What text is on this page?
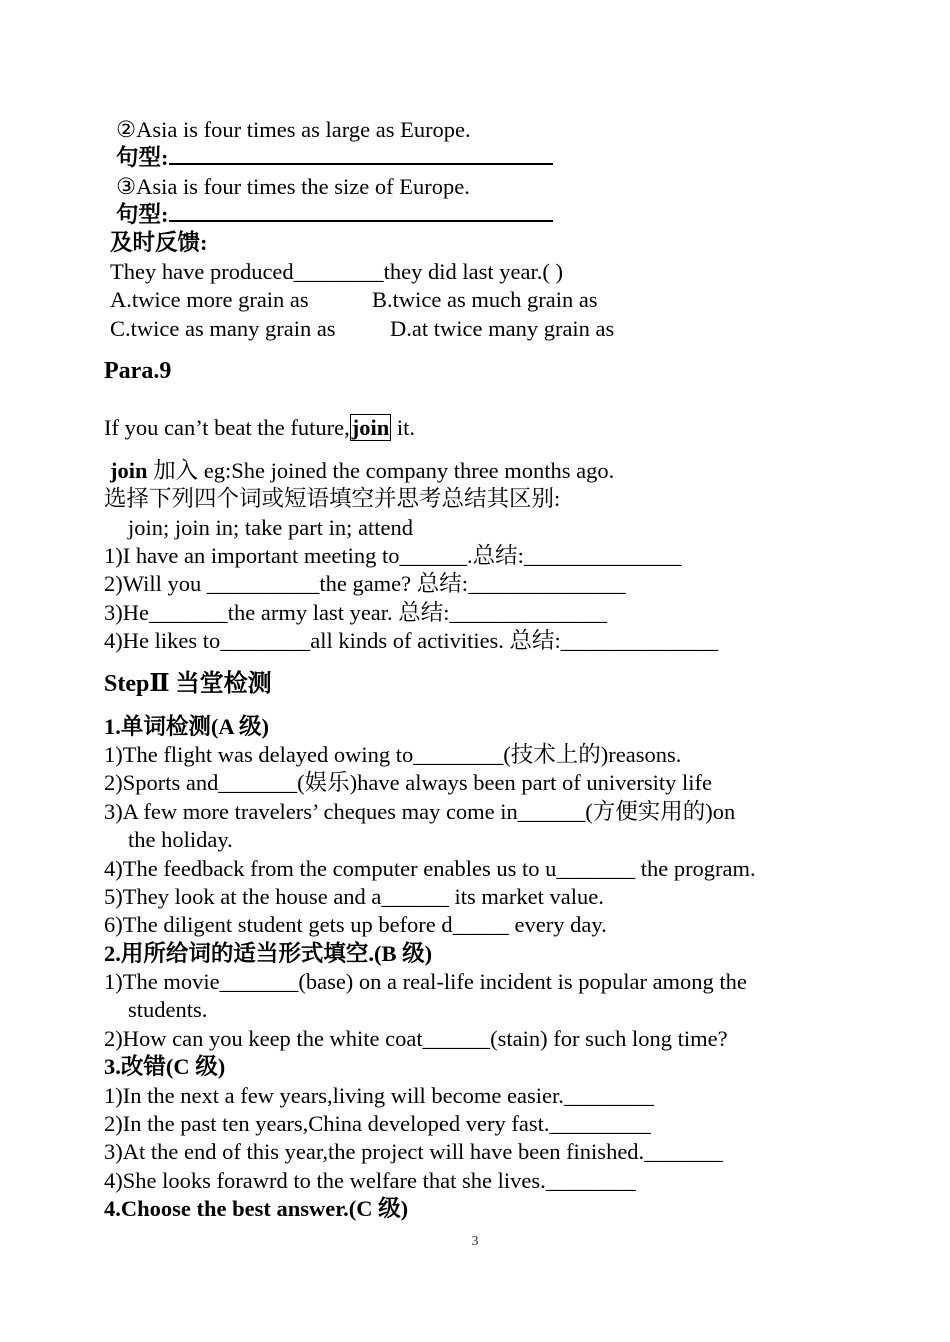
②Asia is four times as large as Europe.
句型:
③Asia is four times the size of Europe.
句型:
及时反馈:
They have produced________they did last year.( )
A.twice more grain as	B.twice as much grain as
C.twice as many grain as D.at twice many grain as
Para.9
If you can’t beat the future,join it.
join 加入 eg:She joined the company three months ago.
选择下列四个词或短语填空并思考总结其区别:
join; join in; take part in; attend
1)I have an important meeting to______.总结:______________
2)Will you __________the game? 总结:______________
3)He_______the army last year. 总结:______________
4)He likes to________all kinds of activities. 总结:______________
StepⅡ 当堂检测
1.单词检测(A 级)
1)The flight was delayed owing to________(技术上的)reasons.
2)Sports and_______(娱乐)have always been part of university life
3)A few more travelers’ cheques may come in______(方便实用的)on
the holiday.
4)The feedback from the computer enables us to u_______ the program.
5)They look at the house and a______ its market value.
6)The diligent student gets up before d_____ every day.
2.用所给词的适当形式填空.(B 级)
1)The movie_______(base) on a real-life incident is popular among the
students.
2)How can you keep the white coat______(stain) for such long time?
3.改错(C 级)
1)In the next a few years,living will become easier.________
2)In the past ten years,China developed very fast._________
3)At the end of this year,the project will have been finished._______
4)She looks forawrd to the welfare that she lives.________
4.Choose the best answer.(C 级)
3
